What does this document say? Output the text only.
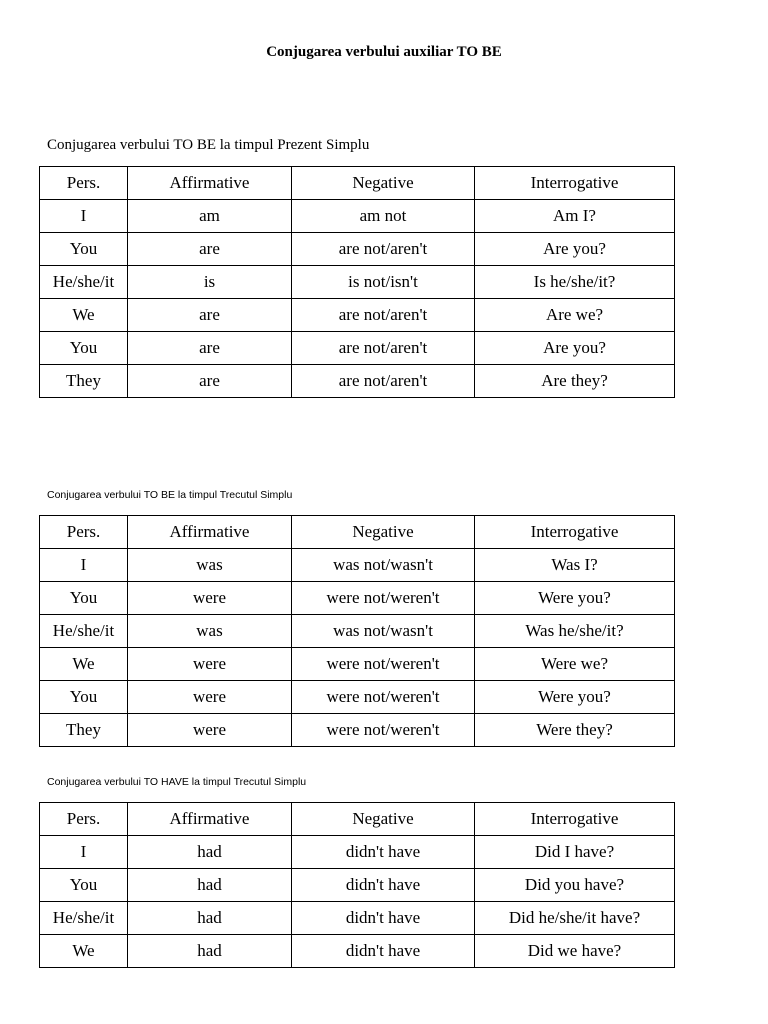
Conjugarea verbului auxiliar TO BE
Conjugarea verbului TO BE la timpul Prezent Simplu
Pers.	Affirmative	Negative	Interrogative
I	am	am not	Am I?
You	are	are not/aren't	Are you?
He/she/it	is	is not/isn't	Is he/she/it?
We	are	are not/aren't	Are we?
You	are	are not/aren't	Are you?
They	are	are not/aren't	Are they?
Conjugarea verbului TO BE la timpul Trecutul Simplu
Pers.	Affirmative	Negative	Interrogative
I	was	was not/wasn't	Was I?
You	were	were not/weren't	Were you?
He/she/it	was	was not/wasn't	Was he/she/it?
We	were	were not/weren't	Were we?
You	were	were not/weren't	Were you?
They	were	were not/weren't	Were they?
Conjugarea verbului TO HAVE la timpul Trecutul Simplu
Pers.	Affirmative	Negative	Interrogative
I	had	didn't have	Did I have?
You	had	didn't have	Did you have?
He/she/it	had	didn't have	Did he/she/it have?
We	had	didn't have	Did we have?
